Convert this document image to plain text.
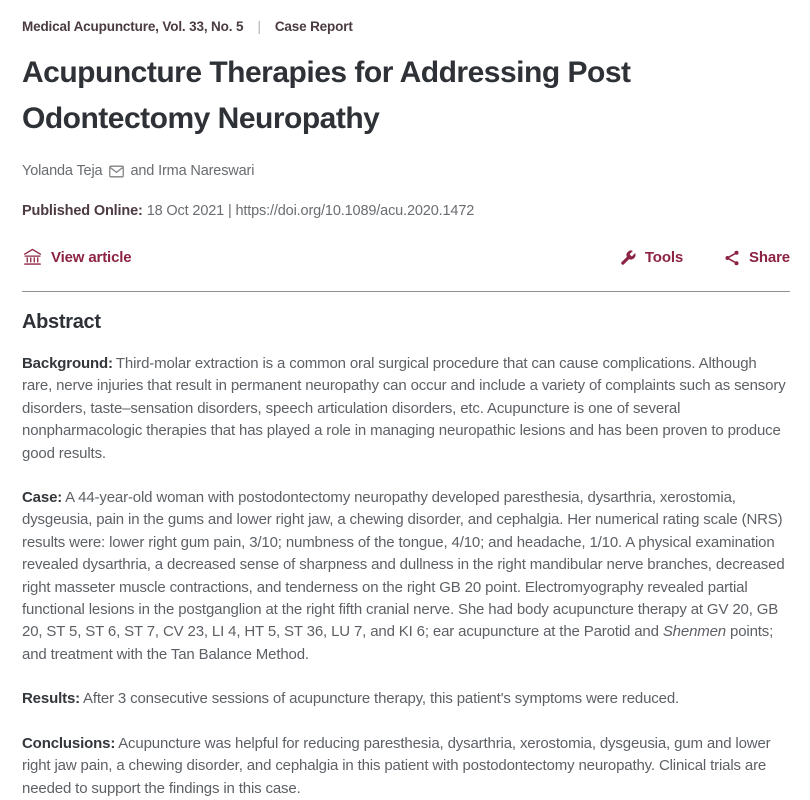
Medical Acupuncture, Vol. 33, No. 5 | Case Report
Acupuncture Therapies for Addressing Post Odontectomy Neuropathy
Yolanda Teja and
Irma Nareswari
Published Online: 18 Oct 2021 | https://doi.org/10.1089/acu.2020.1472
View article	Tools	Share
Abstract

Background: Third-molar extraction is a common oral surgical procedure that can cause complications. Although rare, nerve injuries that result in permanent neuropathy can occur and include a variety of complaints such as sensory disorders, taste–sensation disorders, speech articulation disorders, etc. Acupuncture is one of several nonpharmacologic therapies that has played a role in managing neuropathic lesions and has been proven to produce good results.

Case: A 44-year-old woman with postodontectomy neuropathy developed paresthesia, dysarthria, xerostomia, dysgeusia, pain in the gums and lower right jaw, a chewing disorder, and cephalgia. Her numerical rating scale (NRS) results were: lower right gum pain, 3/10; numbness of the tongue, 4/10; and headache, 1/10. A physical examination revealed dysarthria, a decreased sense of sharpness and dullness in the right mandibular nerve branches, decreased right masseter muscle contractions, and tenderness on the right GB 20 point. Electromyography revealed partial functional lesions in the postganglion at the right fifth cranial nerve. She had body acupuncture therapy at GV 20, GB 20, ST 5, ST 6, ST 7, CV 23, LI 4, HT 5, ST 36, LU 7, and KI 6; ear acupuncture at the Parotid and Shenmen points; and treatment with the Tan Balance Method.

Results: After 3 consecutive sessions of acupuncture therapy, this patient's symptoms were reduced.

Conclusions: Acupuncture was helpful for reducing paresthesia, dysarthria, xerostomia, dysgeusia, gum and lower right jaw pain, a chewing disorder, and cephalgia in this patient with postodontectomy neuropathy. Clinical trials are needed to support the findings in this case.
